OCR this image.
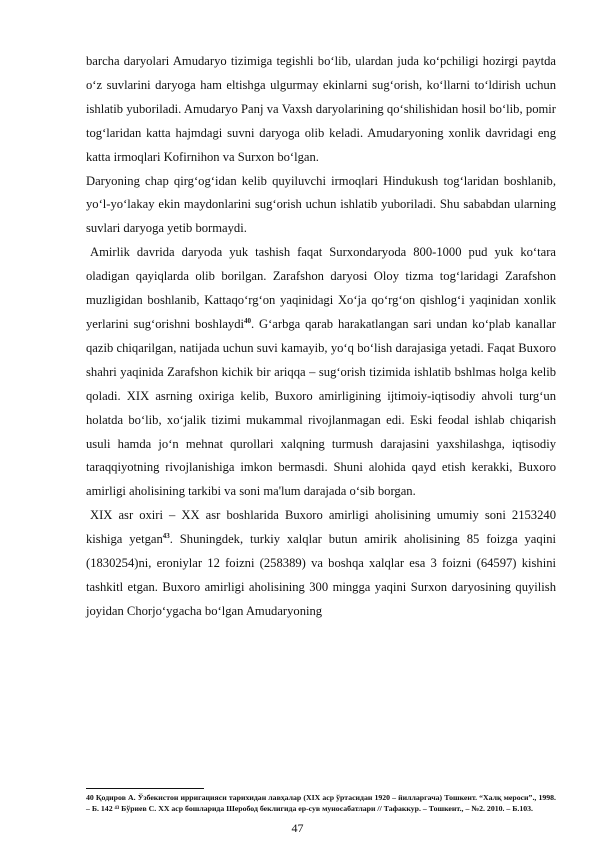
barcha daryolari Amudaryo tizimiga tegishli bo‘lib, ulardan juda ko‘pchiligi hozirgi paytda o‘z suvlarini daryoga ham eltishga ulgurmay ekinlarni sug‘orish, ko‘llarni to‘ldirish uchun ishlatib yuboriladi. Amudaryo Panj va Vaxsh daryolarining qo‘shilishidan hosil bo‘lib, pomir tog‘laridan katta hajmdagi suvni daryoga olib keladi. Amudaryoning xonlik davridagi eng katta irmoqlari Kofirnihon va Surxon bo‘lgan.

Daryoning chap qirg‘og‘idan kelib quyiluvchi irmoqlari Hindukush tog‘laridan boshlanib, yo‘l-yo‘lakay ekin maydonlarini sug‘orish uchun ishlatib yuboriladi. Shu sababdan ularning suvlari daryoga yetib bormaydi.

Amirlik davrida daryoda yuk tashish faqat Surxondaryoda 800-1000 pud yuk ko‘tara oladigan qayiqlarda olib borilgan. Zarafshon daryosi Oloy tizma tog‘laridagi Zarafshon muzligidan boshlanib, Kattaqo‘rg‘on yaqinidagi Xo‘ja qo‘rg‘on qishlog‘i yaqinidan xonlik yerlarini sug‘orishni boshlaydi$^{40}$. G‘arbga qarab harakatlangan sari undan ko‘plab kanallar qazib chiqarilgan, natijada uchun suvi kamayib, yo‘q bo‘lish darajasiga yetadi. Faqat Buxoro shahri yaqinida Zarafshon kichik bir ariqqa – sug‘orish tizimida ishlatib bshlmas holga kelib qoladi. XIX asrning oxiriga kelib, Buxoro amirligining ijtimoiy-iqtisodiy ahvoli turg‘un holatda bo‘lib, xo‘jalik tizimi mukammal rivojlanmagan edi. Eski feodal ishlab chiqarish usuli hamda jo‘n mehnat qurollari xalqning turmush darajasini yaxshilashga, iqtisodiy taraqqiyotning rivojlanishiga imkon bermasdi. Shuni alohida qayd etish kerakki, Buxoro amirligi aholisining tarkibi va soni ma'lum darajada o‘sib borgan.

XIX asr oxiri – XX asr boshlarida Buxoro amirligi aholisining umumiy soni 2153240 kishiga yetgan$^{43}$. Shuningdek, turkiy xalqlar butun amirik aholisining 85 foizga yaqini (1830254)ni, eroniylar 12 foizni (258389) va boshqa xalqlar esa 3 foizni (64597) kishini tashkitl etgan. Buxoro amirligi aholisining 300 mingga yaqini Surxon daryosining quyilish joyidan Chorjo‘ygacha bo‘lgan Amudaryoning

40 Қодиров А. Ўзбекистон ирригацияси тарихидан лавҳалар (XIX аср ўртасидан 1920 – йилларгача) Тошкент. “Халқ мероси”., 1998. – Б. 142 ⁴³ Бўриев С. XX аср бошларида Шеробод беклигида ер-сув муносабатлари // Тафаккур. – Тошкент., – №2. 2010. – Б.103.
47
